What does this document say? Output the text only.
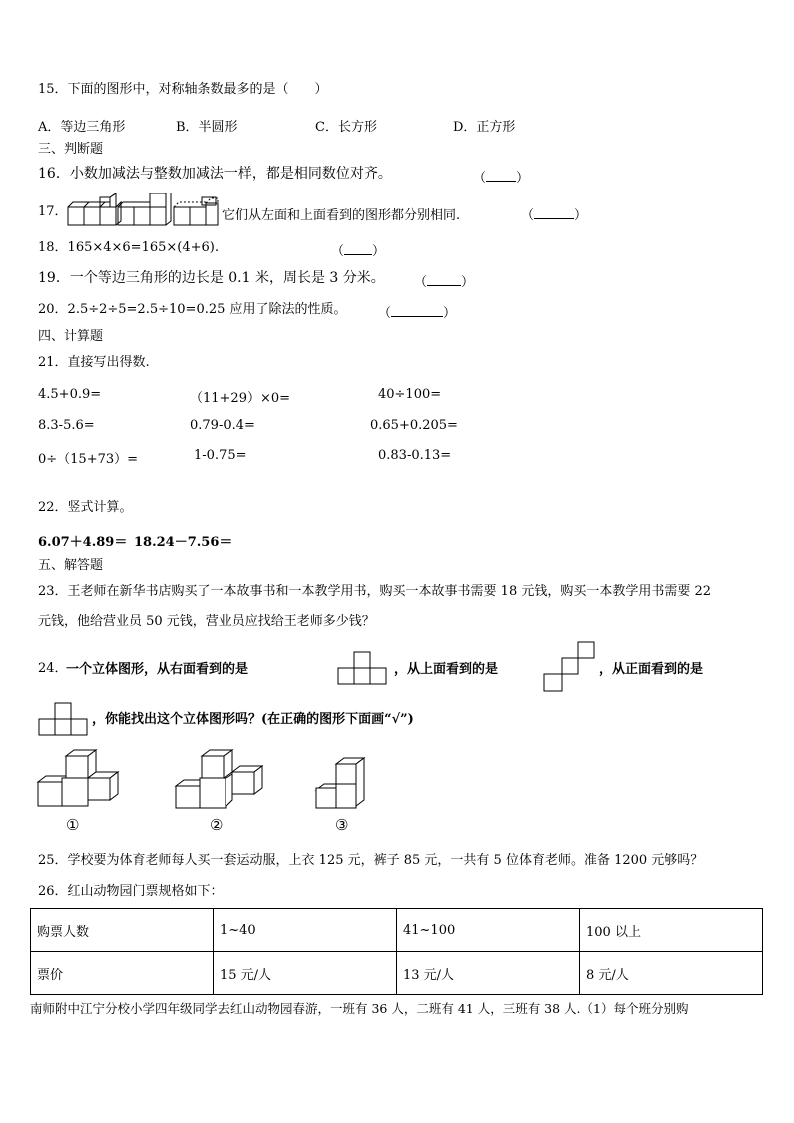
15．下面的图形中，对称轴条数最多的是（　　）
A．等边三角形	B．半圆形	C．长方形	D．正方形
三、判断题
16．小数加减法与整数加减法一样，都是相同数位对齐。	（ ）
17．	它们从左面和上面看到的图形都分别相同.	（	）
18．165×4×6=165×(4+6).	（ ）
19．一个等边三角形的边长是 0.1 米，周长是 3 分米。 （	）
20．2.5÷2÷5=2.5÷10=0.25 应用了除法的性质。 （	）
四、计算题
21．直接写出得数.
4.5+0.9=	（11+29）×0=	40÷100=
8.3-5.6=	0.79-0.4=	0.65+0.205=
0÷（15+73）=	1-0.75=	0.83-0.13=
22．竖式计算。
6.07＋4.89＝ 18.24－7.56＝
五、解答题
23．王老师在新华书店购买了一本故事书和一本教学用书，购买一本故事书需要 18 元钱，购买一本教学用书需要 22
元钱，他给营业员 50 元钱，营业员应找给王老师多少钱？
24．
一个立体图形，从右面看到的是	，从上面看到的是	，从正面看到的是
，你能找出这个立体图形吗？(在正确的图形下面画“√”)
①	②	③
25．学校要为体育老师每人买一套运动服，上衣 125 元，裤子 85 元，一共有 5 位体育老师。准备 1200 元够吗？
26．红山动物园门票规格如下：
购票人数	1~40	41~100	100 以上
票价	15 元/人	13 元/人	8 元/人
南师附中江宁分校小学四年级同学去红山动物园春游，一班有 36 人，二班有 41 人，三班有 38 人.（1）每个班分别购
